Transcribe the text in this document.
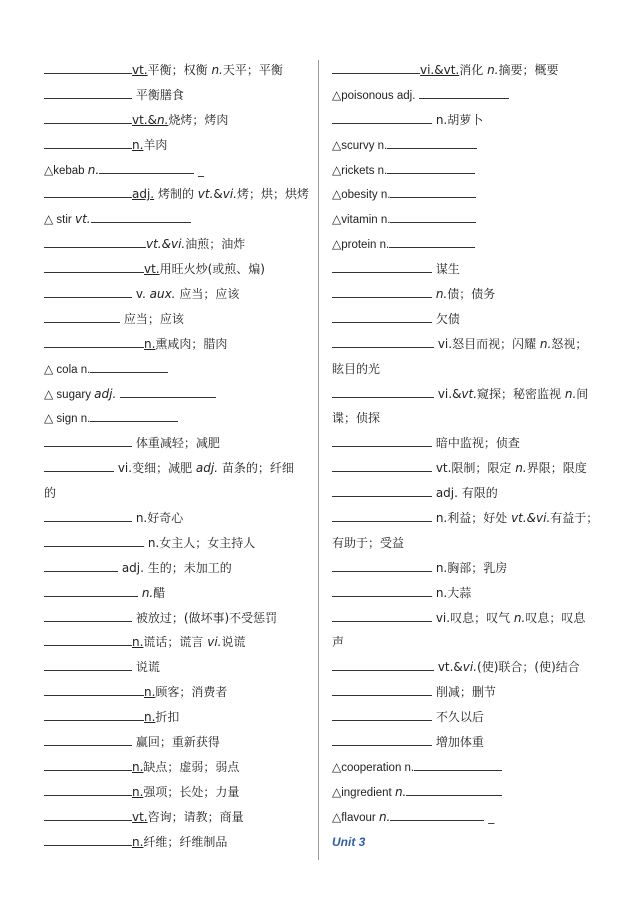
vt.平衡；权衡 n.天平；平衡
平衡膳食
vt.&n.烧烤；烤肉
n.羊肉
△kebab n.	_
adj. 烤制的 vt.&vi.烤；烘；烘烤
△ stir vt.
vt.&vi.油煎；油炸
vt.用旺火炒(或煎、煸)
v. aux. 应当；应该
应当；应该
n.熏咸肉；腊肉
△ cola n.
△ sugary adj.
△ sign n.
体重减轻；减肥
vi.变细；减肥 adj. 苗条的；纤细
的
n.好奇心
n.女主人；女主持人
adj. 生的；未加工的
n.醋
被放过；(做坏事)不受惩罚
n.谎话；谎言 vi.说谎
说谎
n.顾客；消费者
n.折扣
赢回；重新获得
n.缺点；虚弱；弱点
n.强项；长处；力量
vt.咨询；请教；商量
n.纤维；纤维制品
vi.&vt.消化 n.摘要；概要
△poisonous adj.
n.胡萝卜
△scurvy n.
△rickets n.
△obesity n.
△vitamin n.
△protein n.
谋生
n.债；债务
欠债
vi.怒目而视；闪耀 n.怒视；
眩目的光
vi.&vt.窥探；秘密监视 n.间
谍；侦探
暗中监视；侦查
vt.限制；限定 n.界限；限度
adj. 有限的
n.利益；好处 vt.&vi.有益于；
有助于；受益
n.胸部；乳房
n.大蒜
vi.叹息；叹气 n.叹息；叹息
声
vt.&vi.(使)联合；(使)结合
削减；删节
不久以后
增加体重
△cooperation n.
△ingredient n.
△flavour n.	_
Unit 3
